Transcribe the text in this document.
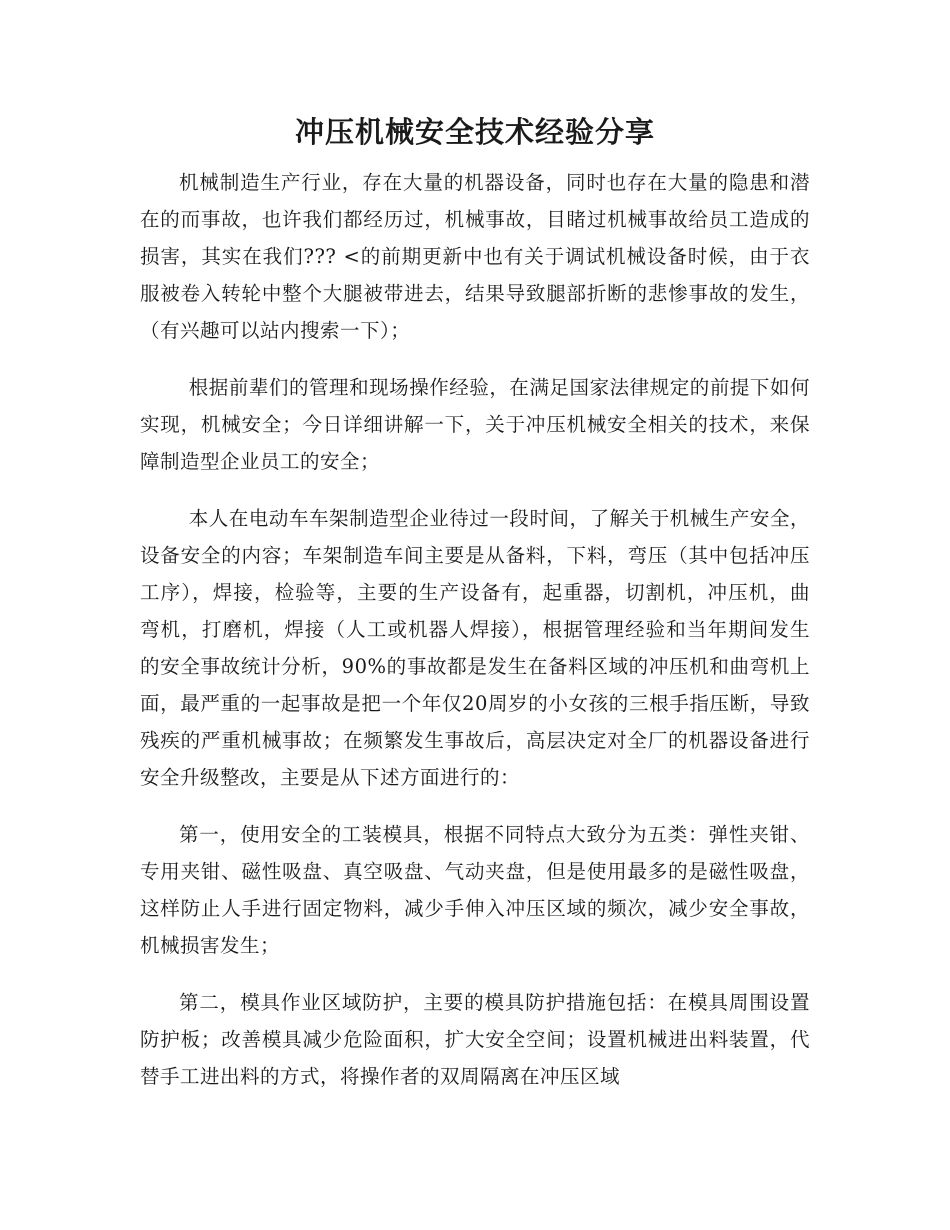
冲压机械安全技术经验分享

机械制造生产行业，存在大量的机器设备，同时也存在大量的隐患和潜在的而事故，也许我们都经历过，机械事故，目睹过机械事故给员工造成的损害，其实在我们??? <的前期更新中也有关于调试机械设备时候，由于衣服被卷入转轮中整个大腿被带进去，结果导致腿部折断的悲惨事故的发生，（有兴趣可以站内搜索一下）；

根据前辈们的管理和现场操作经验，在满足国家法律规定的前提下如何实现，机械安全；今日详细讲解一下，关于冲压机械安全相关的技术，来保障制造型企业员工的安全；

本人在电动车车架制造型企业待过一段时间，了解关于机械生产安全，设备安全的内容；车架制造车间主要是从备料，下料，弯压（其中包括冲压工序），焊接，检验等，主要的生产设备有，起重器，切割机，冲压机，曲弯机，打磨机，焊接（人工或机器人焊接），根据管理经验和当年期间发生的安全事故统计分析，90%的事故都是发生在备料区域的冲压机和曲弯机上面，最严重的一起事故是把一个年仅20周岁的小女孩的三根手指压断，导致残疾的严重机械事故；在频繁发生事故后，高层决定对全厂的机器设备进行安全升级整改，主要是从下述方面进行的：

第一，使用安全的工装模具，根据不同特点大致分为五类：弹性夹钳、专用夹钳、磁性吸盘、真空吸盘、气动夹盘，但是使用最多的是磁性吸盘，这样防止人手进行固定物料，减少手伸入冲压区域的频次，减少安全事故，机械损害发生；

第二，模具作业区域防护，主要的模具防护措施包括：在模具周围设置防护板；改善模具减少危险面积，扩大安全空间；设置机械进出料装置，代替手工进出料的方式，将操作者的双周隔离在冲压区域
